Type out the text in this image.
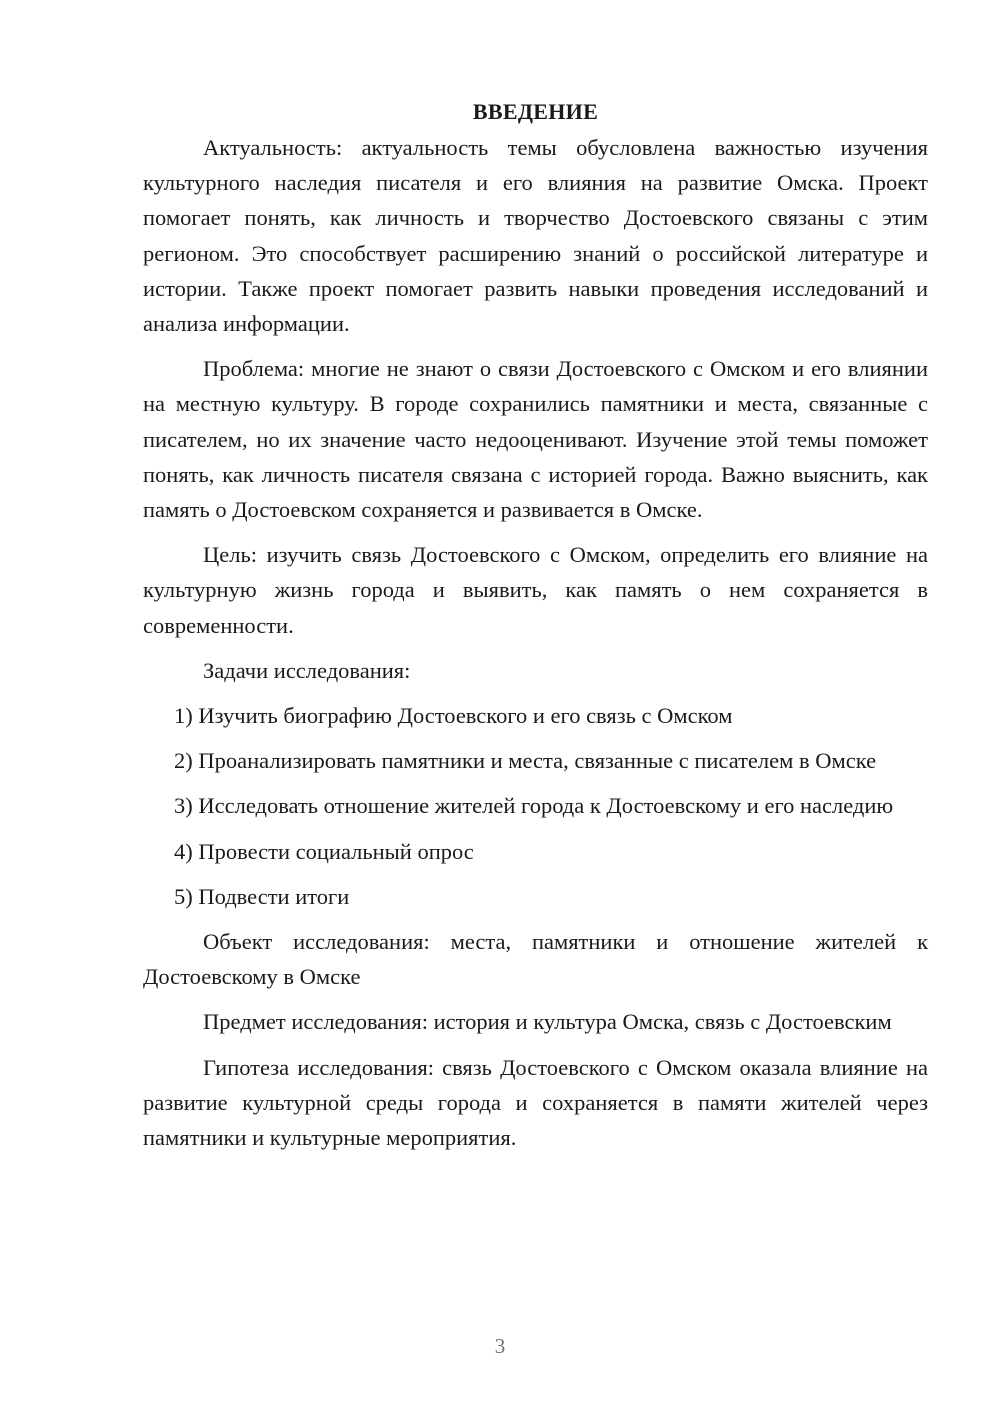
ВВЕДЕНИЕ

Актуальность: актуальность темы обусловлена важностью изучения культурного наследия писателя и его влияния на развитие Омска. Проект помогает понять, как личность и творчество Достоевского связаны с этим регионом. Это способствует расширению знаний о российской литературе и истории. Также проект помогает развить навыки проведения исследований и анализа информации.

Проблема: многие не знают о связи Достоевского с Омском и его влиянии на местную культуру. В городе сохранились памятники и места, связанные с писателем, но их значение часто недооценивают. Изучение этой темы поможет понять, как личность писателя связана с историей города. Важно выяснить, как память о Достоевском сохраняется и развивается в Омске.

Цель: изучить связь Достоевского с Омском, определить его влияние на культурную жизнь города и выявить, как память о нем сохраняется в современности.

Задачи исследования:

1) Изучить биографию Достоевского и его связь с Омском

2) Проанализировать памятники и места, связанные с писателем в Омске

3) Исследовать отношение жителей города к Достоевскому и его наследию

4) Провести социальный опрос

5) Подвести итоги

Объект исследования: места, памятники и отношение жителей к Достоевскому в Омске

Предмет исследования: история и культура Омска, связь с Достоевским

Гипотеза исследования: связь Достоевского с Омском оказала влияние на развитие культурной среды города и сохраняется в памяти жителей через памятники и культурные мероприятия.

3
